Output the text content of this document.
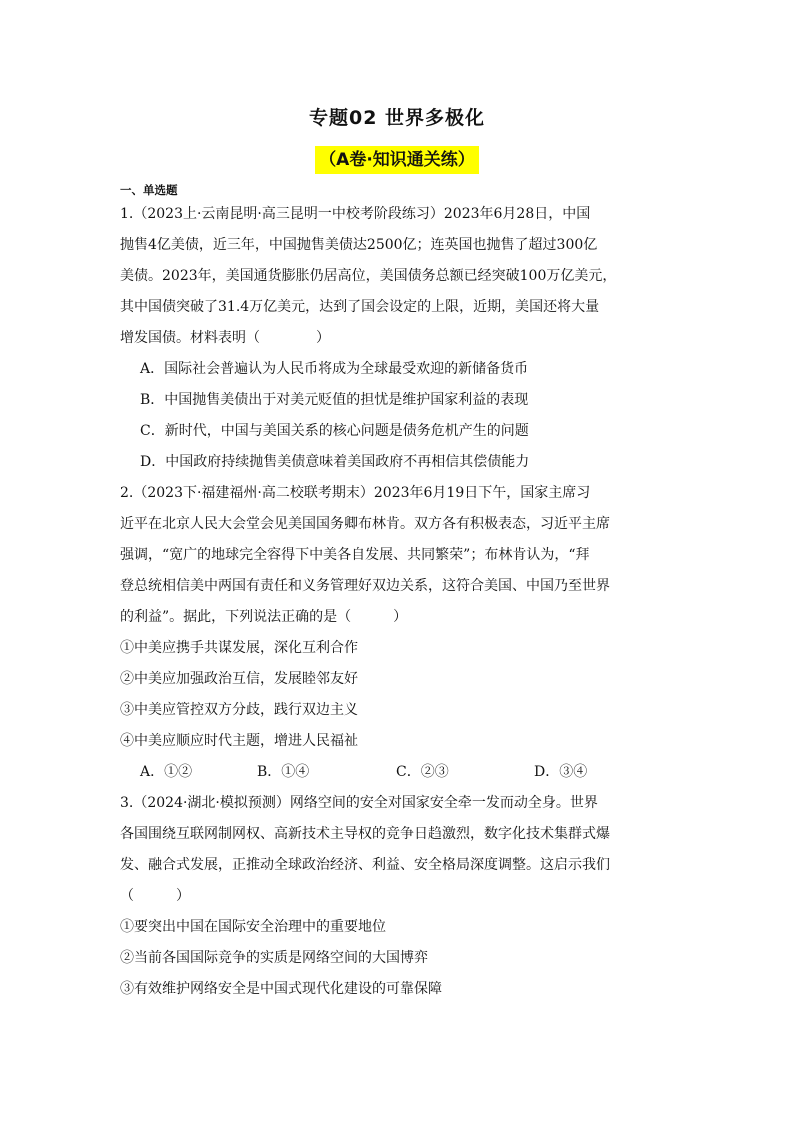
专题02 世界多极化
（A卷·知识通关练）
一、单选题
1.（2023上·云南昆明·高三昆明一中校考阶段练习）2023年6月28日，中国
抛售4亿美债，近三年，中国抛售美债达2500亿；连英国也抛售了超过300亿
美债。2023年，美国通货膨胀仍居高位，美国债务总额已经突破100万亿美元，
其中国债突破了31.4万亿美元，达到了国会设定的上限，近期，美国还将大量
增发国债。材料表明（　　　　）
A．国际社会普遍认为人民币将成为全球最受欢迎的新储备货币
B．中国抛售美债出于对美元贬值的担忧是维护国家利益的表现
C．新时代，中国与美国关系的核心问题是债务危机产生的问题
D．中国政府持续抛售美债意味着美国政府不再相信其偿债能力
2.（2023下·福建福州·高二校联考期末）2023年6月19日下午，国家主席习
近平在北京人民大会堂会见美国国务卿布林肯。双方各有积极表态，习近平主席
强调，“宽广的地球完全容得下中美各自发展、共同繁荣”；布林肯认为，“拜
登总统相信美中两国有责任和义务管理好双边关系，这符合美国、中国乃至世界
的利益”。据此，下列说法正确的是（　　　）
①中美应携手共谋发展，深化互利合作
②中美应加强政治互信，发展睦邻友好
③中美应管控双方分歧，践行双边主义
④中美应顺应时代主题，增进人民福祉
A．①②	B．①④	C．②③	D．③④
3.（2024·湖北·模拟预测）网络空间的安全对国家安全牵一发而动全身。世界
各国围绕互联网制网权、高新技术主导权的竞争日趋激烈，数字化技术集群式爆
发、融合式发展，正推动全球政治经济、利益、安全格局深度调整。这启示我们
（　　　）
①要突出中国在国际安全治理中的重要地位
②当前各国国际竞争的实质是网络空间的大国博弈
③有效维护网络安全是中国式现代化建设的可靠保障
